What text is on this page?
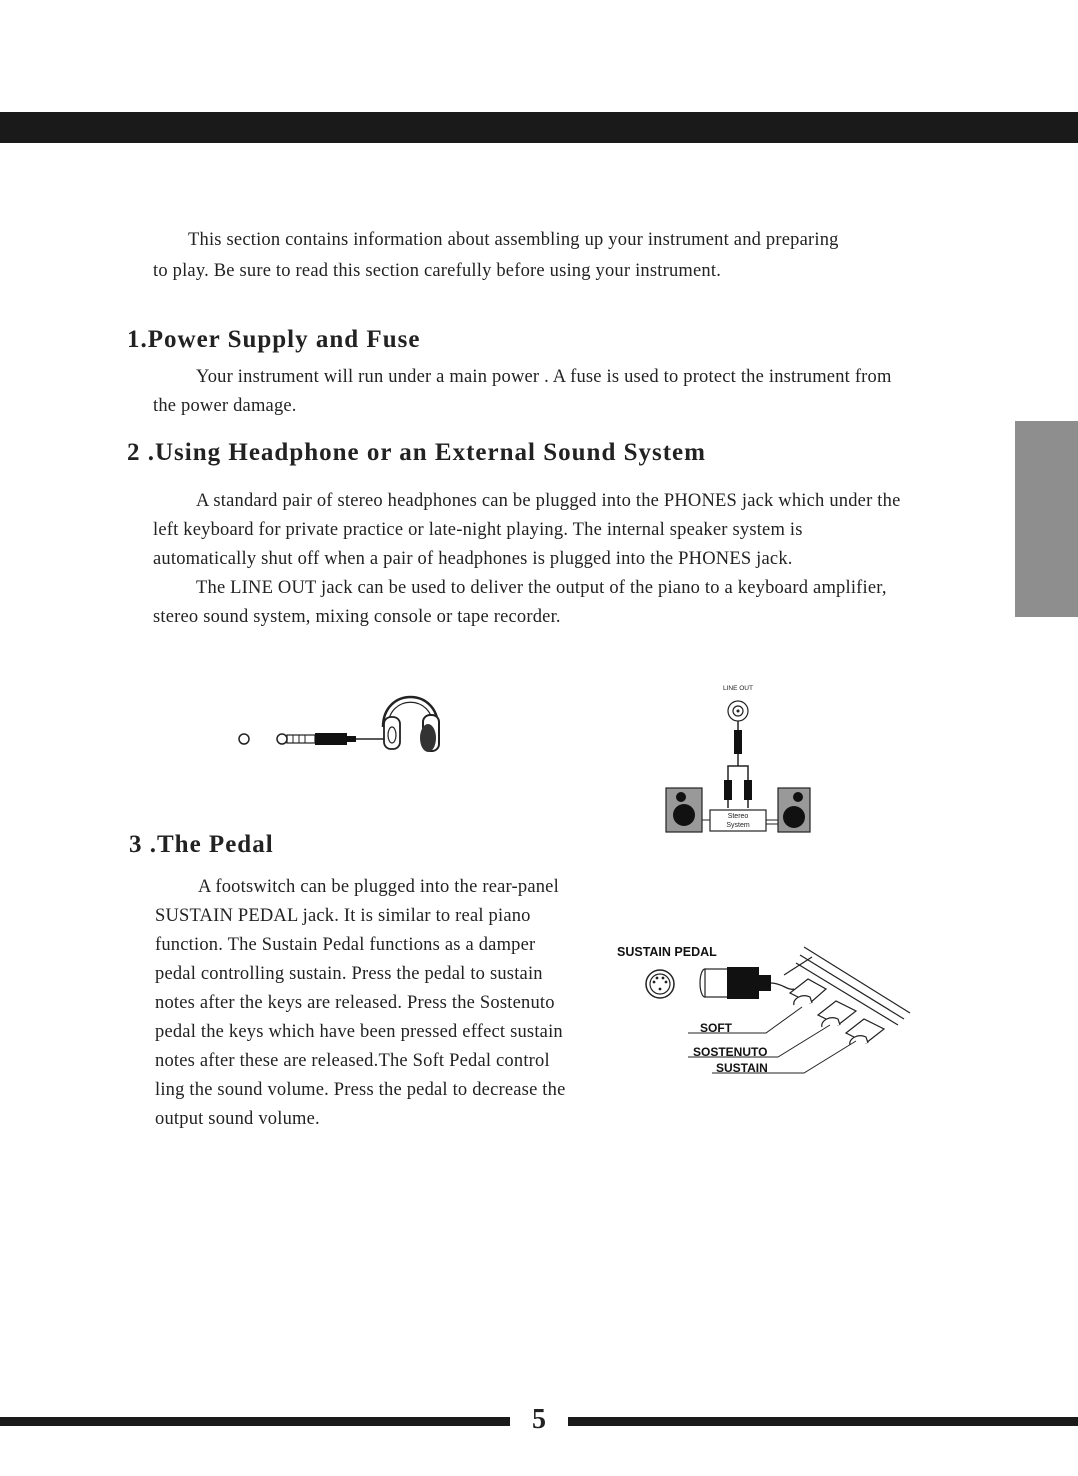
This section contains information about assembling up your instrument and preparing

to play. Be sure to read this section carefully before using your instrument.

1.Power Supply and Fuse

Your instrument will run under a main power . A fuse is used to protect the instrument from

the power damage.

2 .Using Headphone or an External Sound System

A standard pair of stereo headphones can be plugged into the PHONES jack which under the

left keyboard for private practice or late-night playing. The internal speaker system is

automatically shut off when a pair of headphones is plugged into the PHONES jack.

The LINE OUT jack can be used to deliver the output of the piano to a keyboard amplifier,

stereo sound system, mixing console or tape recorder.

LINE OUT
Stereo
System
3 .The Pedal

A footswitch can be plugged into the rear-panel

SUSTAIN PEDAL jack. It is similar to real piano

function. The Sustain Pedal functions as a damper

pedal controlling sustain. Press the pedal to sustain

notes after the keys are released. Press the Sostenuto

pedal the keys which have been pressed effect sustain

notes after these are released.The Soft Pedal control

ling the sound volume. Press the pedal to decrease the

output sound volume.

SUSTAIN PEDAL
SOFT
SOSTENUTO
SUSTAIN
5
